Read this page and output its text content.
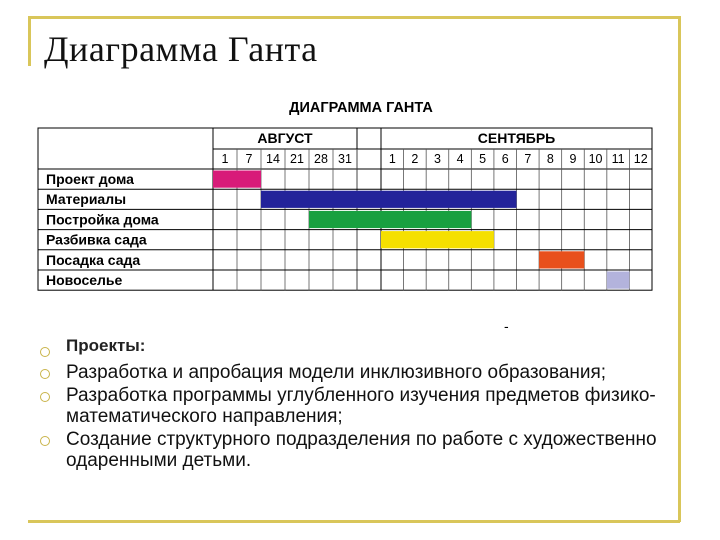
Диаграмма Ганта
ДИАГРАММА ГАНТА
АВГУСТ	СЕНТЯБРЬ
1 7 14 21 28 31	1 2 3 4 5 6 7 8 9 10 11 12
Проект дома
Материалы
Постройка дома
Разбивка сада
Посадка сада
Новоселье
-
Проекты:
Разработка и апробация модели инклюзивного образования;
Разработка программы углубленного изучения предметов физико-математического направления;
Создание структурного подразделения по работе с художественно одаренными детьми.
